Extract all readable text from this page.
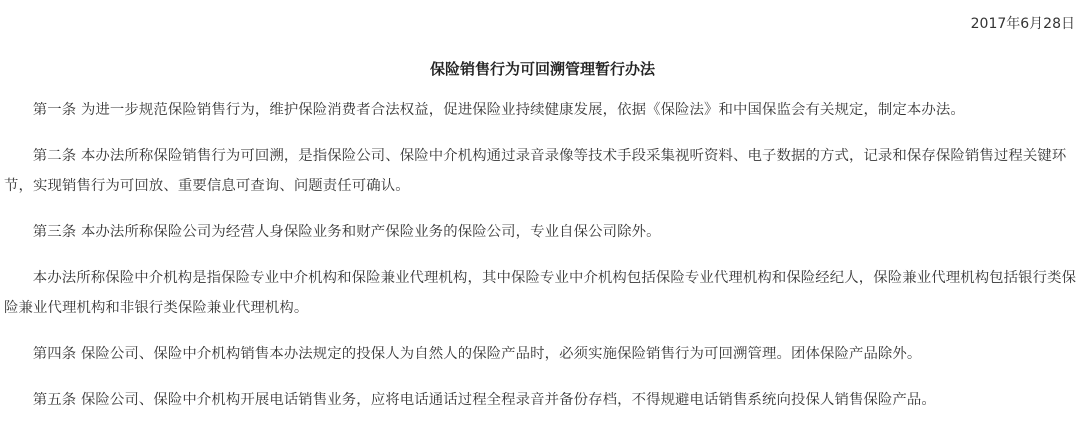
2017年6月28日
保险销售行为可回溯管理暂行办法

第一条 为进一步规范保险销售行为，维护保险消费者合法权益，促进保险业持续健康发展，依据《保险法》和中国保监会有关规定，制定本办法。

第二条 本办法所称保险销售行为可回溯，是指保险公司、保险中介机构通过录音录像等技术手段采集视听资料、电子数据的方式，记录和保存保险销售过程关键环节，实现销售行为可回放、重要信息可查询、问题责任可确认。

第三条 本办法所称保险公司为经营人身保险业务和财产保险业务的保险公司，专业自保公司除外。

本办法所称保险中介机构是指保险专业中介机构和保险兼业代理机构，其中保险专业中介机构包括保险专业代理机构和保险经纪人，保险兼业代理机构包括银行类保险兼业代理机构和非银行类保险兼业代理机构。

第四条 保险公司、保险中介机构销售本办法规定的投保人为自然人的保险产品时，必须实施保险销售行为可回溯管理。团体保险产品除外。

第五条 保险公司、保险中介机构开展电话销售业务，应将电话通话过程全程录音并备份存档，不得规避电话销售系统向投保人销售保险产品。
